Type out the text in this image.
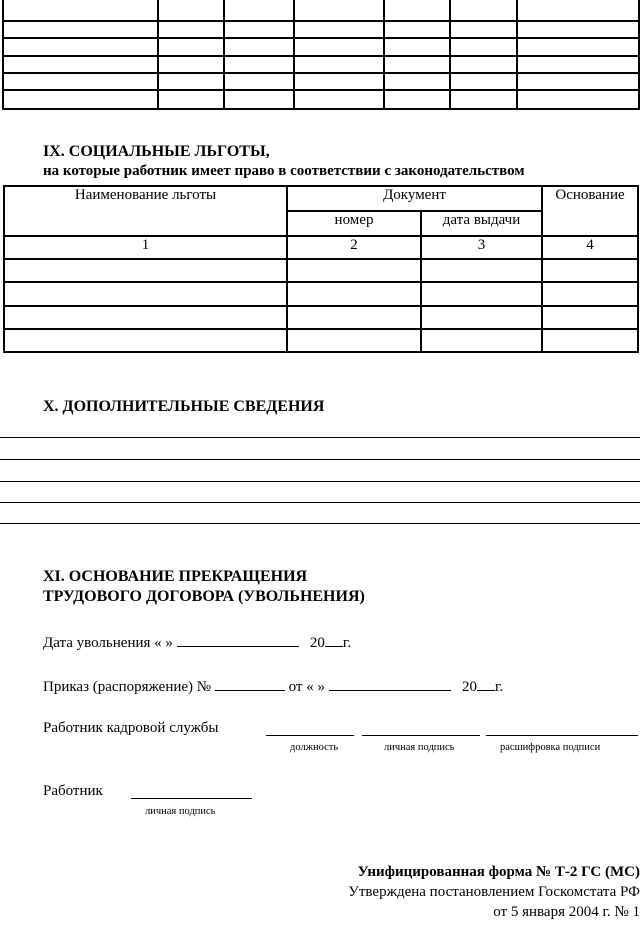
IX. СОЦИАЛЬНЫЕ ЛЬГОТЫ,
на которые работник имеет право в соответствии с законодательством
Наименование льготы	Документ		Основание
	номер	дата выдачи	
1	2	3	4

X. ДОПОЛНИТЕЛЬНЫЕ СВЕДЕНИЯ
XI. ОСНОВАНИЕ ПРЕКРАЩЕНИЯ
ТРУДОВОГО ДОГОВОРА (УВОЛЬНЕНИЯ)
Дата увольнения « »	20 г.
Приказ (распоряжение) №	от « »	20 г.
Работник кадровой службы
должность	личная подпись	расшифровка подписи
Работник
личная подпись
Унифицированная форма № Т-2 ГС (МС)
Утверждена постановлением Госкомстата РФ
от 5 января 2004 г. № 1
